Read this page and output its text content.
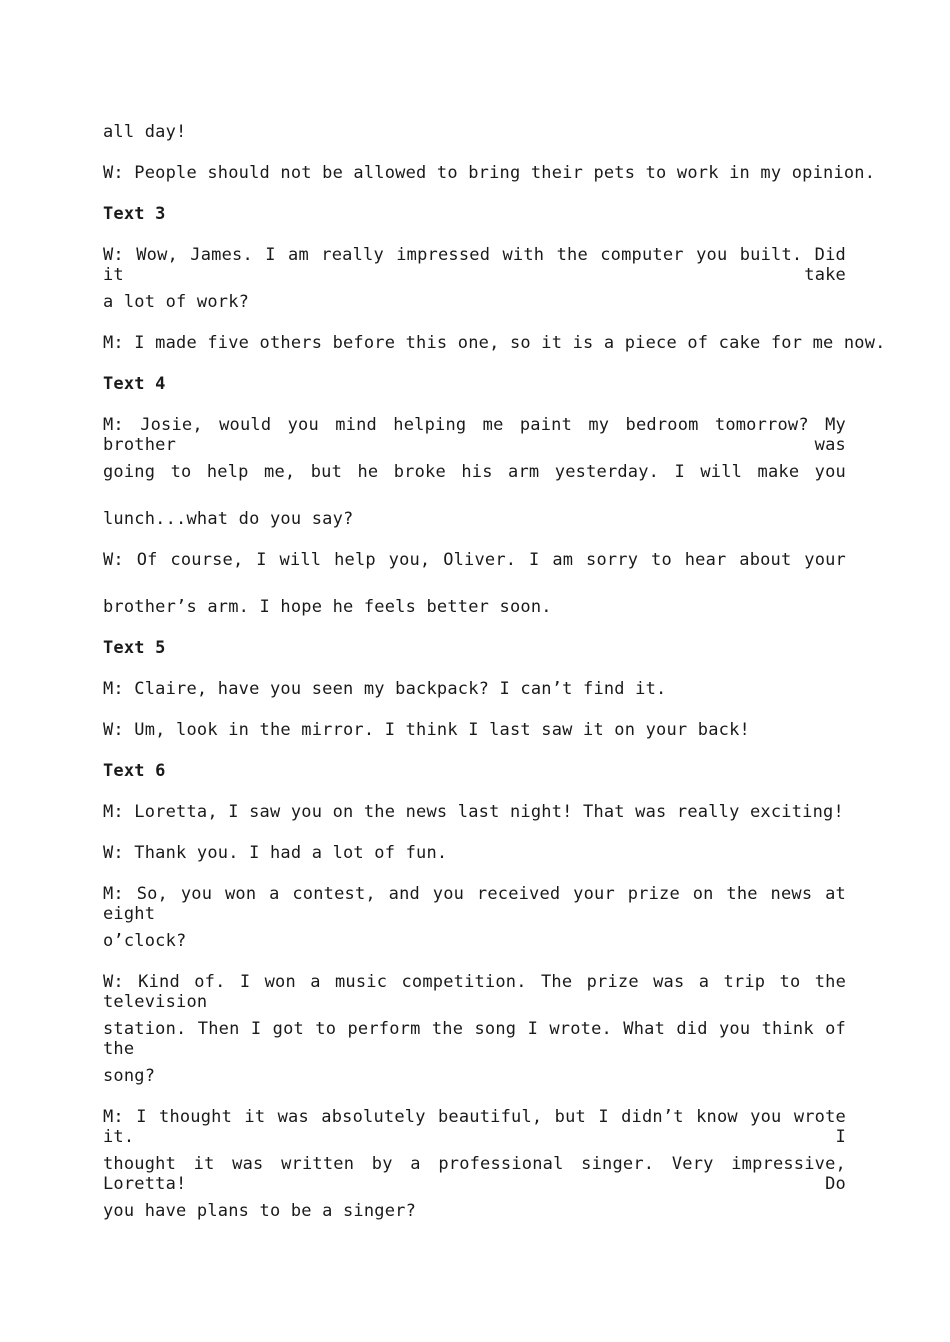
all day!
W: People should not be allowed to bring their pets to work in my opinion.
Text 3
W: Wow, James. I am really impressed with the computer you built. Did it take
a lot of work?
M: I made five others before this one, so it is a piece of cake for me now.
Text 4
M: Josie, would you mind helping me paint my bedroom tomorrow? My brother was
going to help me, but he broke his arm yesterday. I will make you
lunch...what do you say?
W: Of course, I will help you, Oliver. I am sorry to hear about your
brother’s arm. I hope he feels better soon.
Text 5
M: Claire, have you seen my backpack? I can’t find it.
W: Um, look in the mirror. I think I last saw it on your back!
Text 6
M: Loretta, I saw you on the news last night! That was really exciting!
W: Thank you. I had a lot of fun.
M: So, you won a contest, and you received your prize on the news at eight
o’clock?
W: Kind of. I won a music competition. The prize was a trip to the television
station. Then I got to perform the song I wrote. What did you think of the
song?
M: I thought it was absolutely beautiful, but I didn’t know you wrote it. I
thought it was written by a professional singer. Very impressive, Loretta! Do
you have plans to be a singer?
